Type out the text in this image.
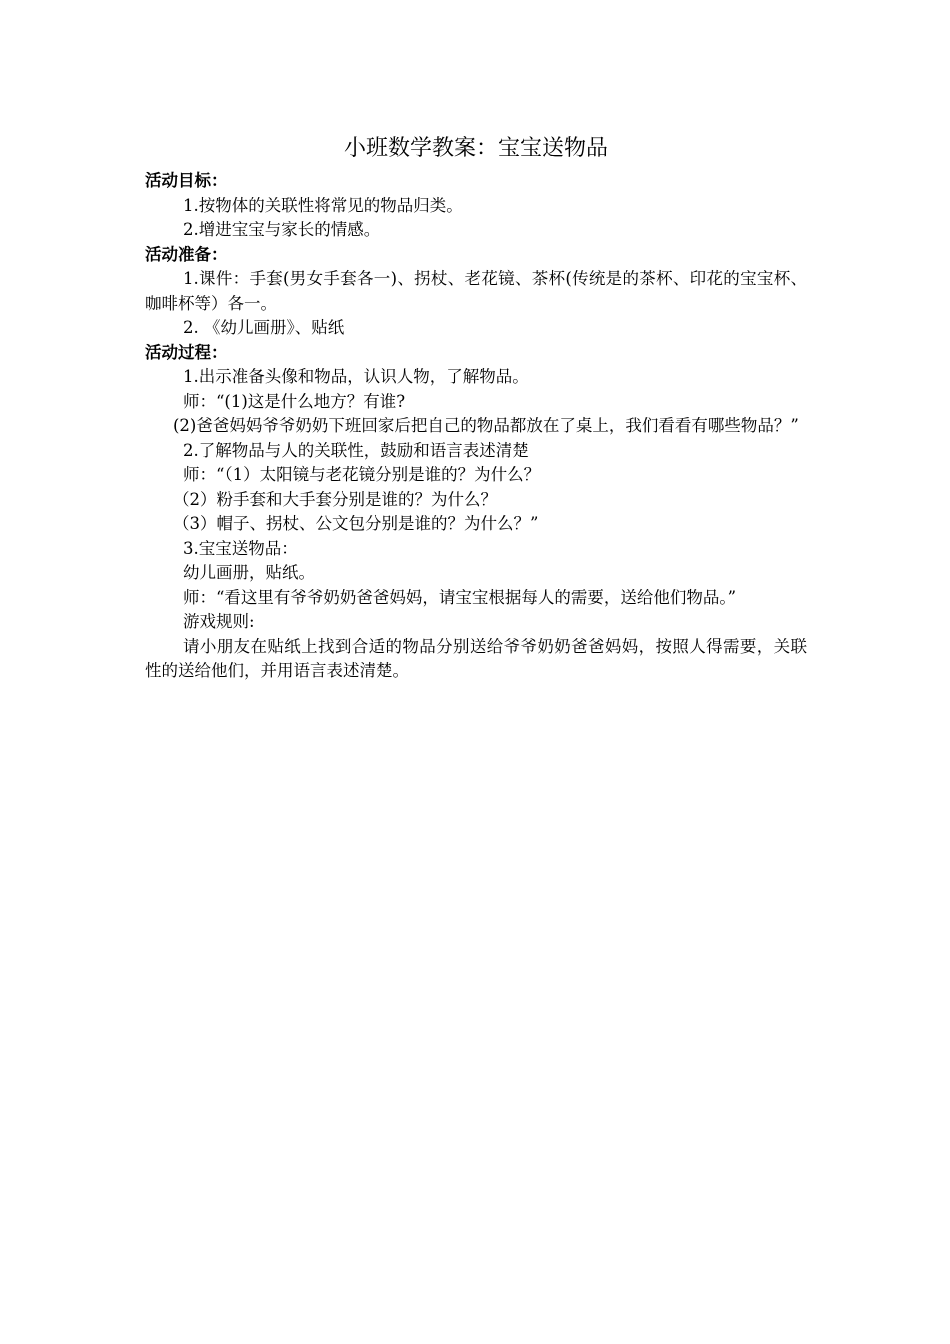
小班数学教案：宝宝送物品

活动目标：

1.按物体的关联性将常见的物品归类。

2.增进宝宝与家长的情感。

活动准备：

1.课件：手套(男女手套各一)、拐杖、老花镜、茶杯(传统是的茶杯、印花的宝宝杯、咖啡杯等）各一。

2. 《幼儿画册》、贴纸

活动过程：

1.出示准备头像和物品，认识人物，了解物品。

师：“(1)这是什么地方？有谁?

(2)爸爸妈妈爷爷奶奶下班回家后把自己的物品都放在了桌上，我们看看有哪些物品？”

2.了解物品与人的关联性，鼓励和语言表述清楚

师：“（1）太阳镜与老花镜分别是谁的？为什么？

（2）粉手套和大手套分别是谁的？为什么？

（3）帽子、拐杖、公文包分别是谁的？为什么？”

3.宝宝送物品：

幼儿画册，贴纸。

师：“看这里有爷爷奶奶爸爸妈妈，请宝宝根据每人的需要，送给他们物品。”

游戏规则:

请小朋友在贴纸上找到合适的物品分别送给爷爷奶奶爸爸妈妈，按照人得需要，关联性的送给他们，并用语言表述清楚。
